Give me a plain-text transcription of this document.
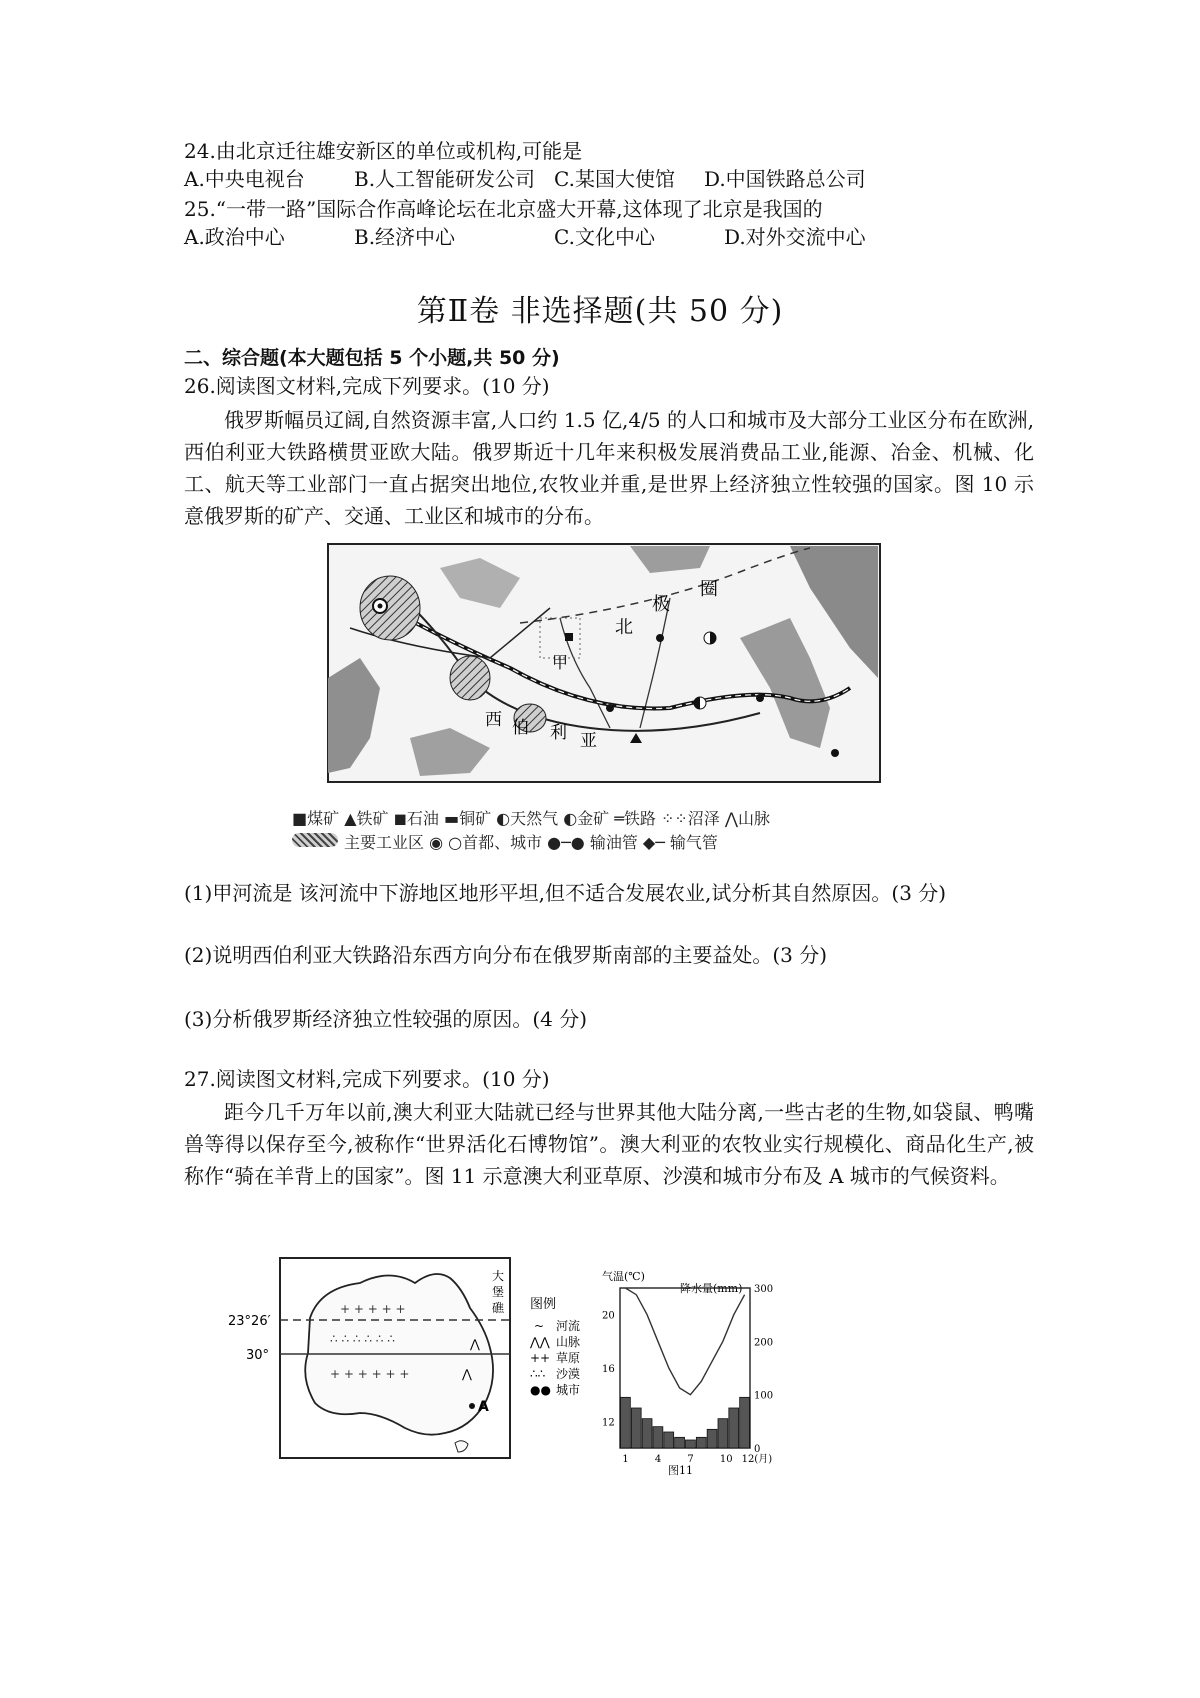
24.由北京迁往雄安新区的单位或机构,可能是
A.中央电视台 B.人工智能研发公司 C.某国大使馆 D.中国铁路总公司
25.“一带一路”国际合作高峰论坛在北京盛大开幕,这体现了北京是我国的
A.政治中心	B.经济中心	C.文化中心	D.对外交流中心
第Ⅱ卷 非选择题(共 50 分)
二、综合题(本大题包括 5 个小题,共 50 分)
26.阅读图文材料,完成下列要求。(10 分)
俄罗斯幅员辽阔,自然资源丰富,人口约 1.5 亿,4/5 的人口和城市及大部分工业区分布在欧洲,西伯利亚大铁路横贯亚欧大陆。俄罗斯近十几年来积极发展消费品工业,能源、冶金、机械、化工、航天等工业部门一直占据突出地位,农牧业并重,是世界上经济独立性较强的国家。图 10 示意俄罗斯的矿产、交通、工业区和城市的分布。
北
极
圈
西 伯 利 亚
甲
■煤矿 ▲铁矿 ◼石油 ▬铜矿 ◐天然气 ◐金矿 ═铁路 ⁘⁘沼泽 ⋀山脉
主要工业区 ◉ ○首都、城市 ●─● 输油管 ◆─ 输气管
(1)甲河流是 该河流中下游地区地形平坦,但不适合发展农业,试分析其自然原因。(3 分)
(2)说明西伯利亚大铁路沿东西方向分布在俄罗斯南部的主要益处。(3 分)
(3)分析俄罗斯经济独立性较强的原因。(4 分)
27.阅读图文材料,完成下列要求。(10 分)
距今几千万年以前,澳大利亚大陆就已经与世界其他大陆分离,一些古老的生物,如袋鼠、鸭嘴兽等得以保存至今,被称作“世界活化石博物馆”。澳大利亚的农牧业实行规模化、商品化生产,被称作“骑在羊背上的国家”。图 11 示意澳大利亚草原、沙漠和城市分布及 A 城市的气候资料。
23°26′
30°
+ + + + +
∴ ∴ ∴ ∴ ∴ ∴
+ + + + + +
⋀
⋀
大
堡
礁
A
图例
河流
山脉
草原
沙漠
城市
~
⋀⋀
++
∴∴
●●
气温(℃)
降水量(mm)
20
16
12
300
200
100
0
1	4	7	10 12(月)
图11
